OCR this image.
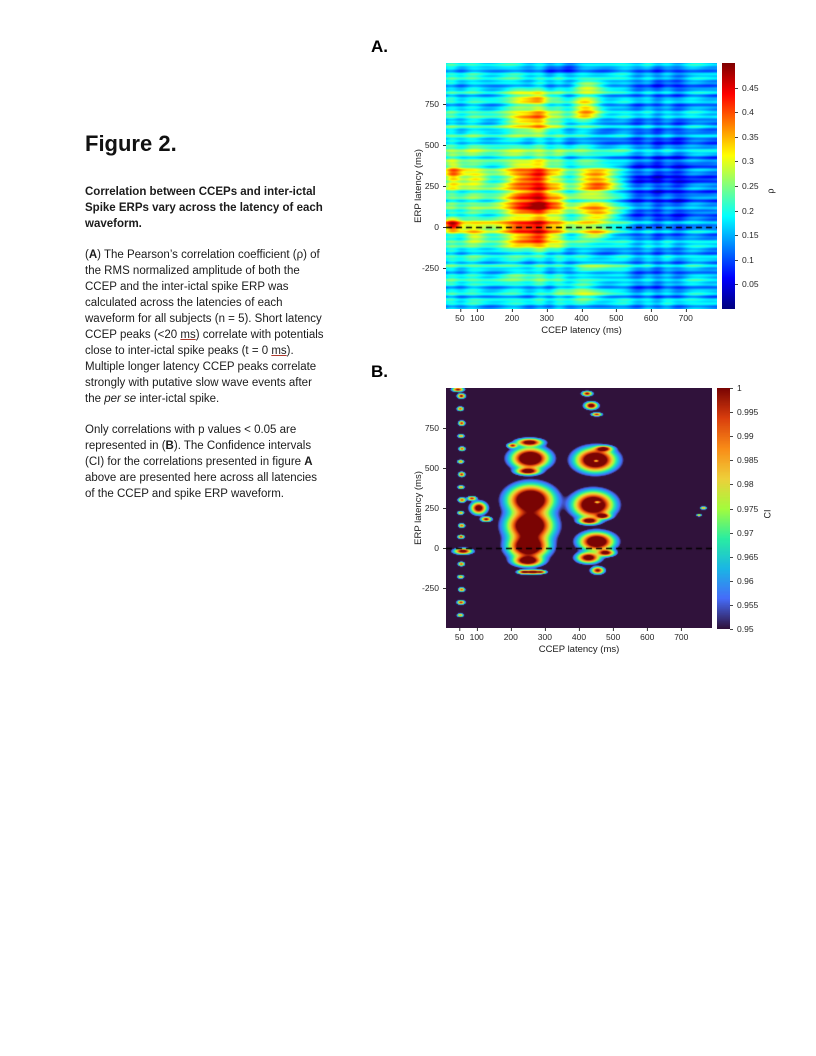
Figure 2.
Correlation between CCEPs and inter-ictal Spike ERPs vary across the latency of each waveform.

(A) The Pearson’s correlation coefficient (ρ) of the RMS normalized amplitude of both the CCEP and the inter-ictal spike ERP was calculated across the latencies of each waveform for all subjects (n = 5). Short latency CCEP peaks (<20 ms) correlate with potentials close to inter-ictal spike peaks (t = 0 ms). Multiple longer latency CCEP peaks correlate strongly with putative slow wave events after the per se inter-ictal spike.

Only correlations with p values < 0.05 are represented in (B). The Confidence intervals (CI) for the correlations presented in figure A above are presented here across all latencies of the CCEP and spike ERP waveform.

A.
750
500
250
0
-250
50 100 200 300 400 500 600 700
CCEP latency (ms)
ERP latency (ms)
0.05
0.1
0.15
0.2
0.25
0.3
0.35
0.4
0.45
ρ
B.
750
500
250
0
-250
50 100 200 300 400 500 600 700
CCEP latency (ms)
ERP latency (ms)
0.95
0.955
0.96
0.965
0.97
0.975
0.98
0.985
0.99
0.995
1
CI
